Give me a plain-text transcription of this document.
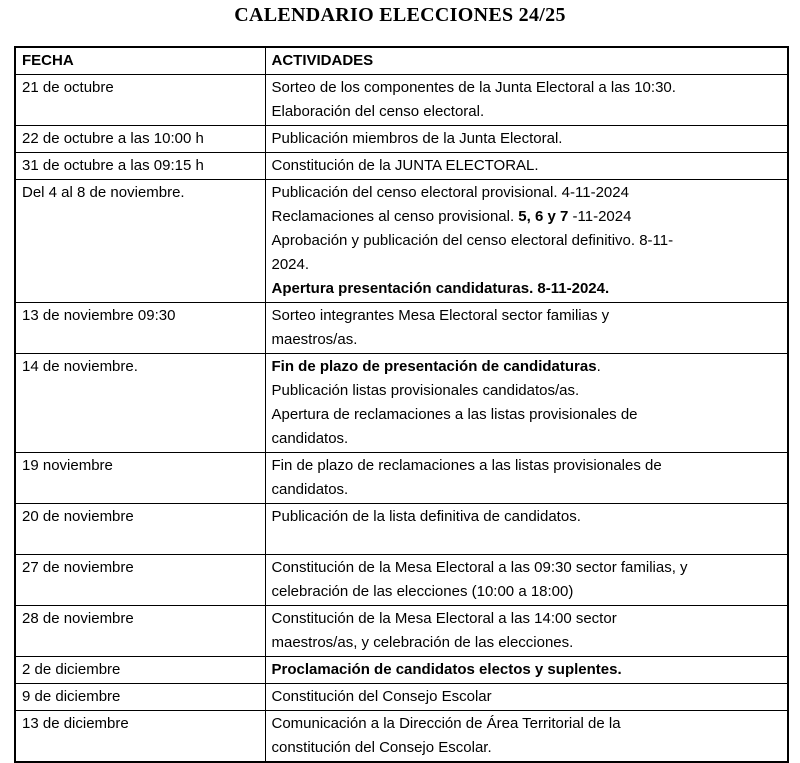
CALENDARIO ELECCIONES 24/25
FECHA	ACTIVIDADES
21 de octubre	Sorteo de los componentes de la Junta Electoral a las 10:30.
Elaboración del censo electoral.

22 de octubre a las 10:00 h	Publicación miembros de la Junta Electoral.

31 de octubre a las 09:15 h	Constitución de la JUNTA ELECTORAL.

Del 4 al 8 de noviembre.	Publicación del censo electoral provisional. 4-11-2024
Reclamaciones al censo provisional. 5, 6 y 7 -11-2024
Aprobación y publicación del censo electoral definitivo. 8-11-
2024.
Apertura presentación candidaturas. 8-11-2024.

13 de noviembre 09:30	Sorteo integrantes Mesa Electoral sector familias y
maestros/as.

14 de noviembre.	Fin de plazo de presentación de candidaturas.
Publicación listas provisionales candidatos/as.
Apertura de reclamaciones a las listas provisionales de
candidatos.

19 noviembre	Fin de plazo de reclamaciones a las listas provisionales de
candidatos.

20 de noviembre	Publicación de la lista definitiva de candidatos.

27 de noviembre	Constitución de la Mesa Electoral a las 09:30 sector familias, y
celebración de las elecciones (10:00 a 18:00)

28 de noviembre	Constitución de la Mesa Electoral a las 14:00 sector
maestros/as, y celebración de las elecciones.

2 de diciembre	Proclamación de candidatos electos y suplentes.

9 de diciembre	Constitución del Consejo Escolar

13 de diciembre	Comunicación a la Dirección de Área Territorial de la
constitución del Consejo Escolar.
